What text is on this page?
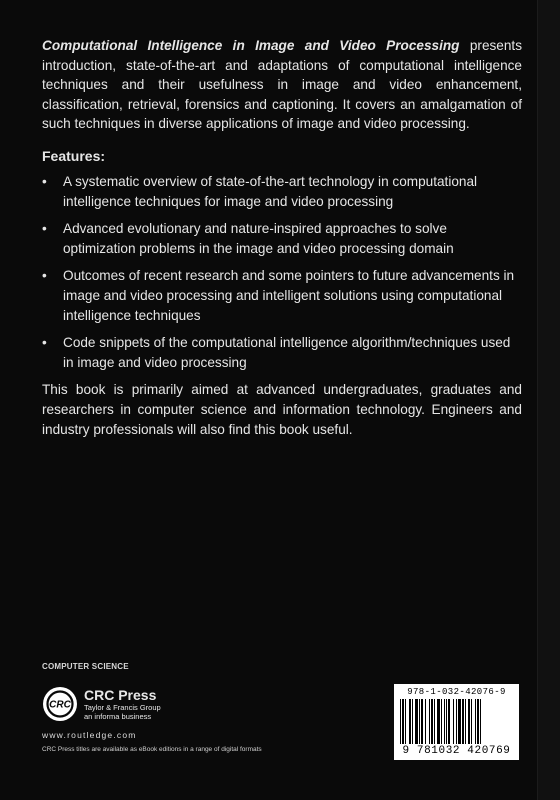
Computational Intelligence in Image and Video Processing presents introduction, state-of-the-art and adaptations of computational intelligence techniques and their usefulness in image and video enhancement, classification, retrieval, forensics and captioning. It covers an amalgamation of such techniques in diverse applications of image and video processing.

Features:
• A systematic overview of state-of-the-art technology in computational intelligence techniques for image and video processing
• Advanced evolutionary and nature-inspired approaches to solve optimization problems in the image and video processing domain
• Outcomes of recent research and some pointers to future advancements in image and video processing and intelligent solutions using computational intelligence techniques
• Code snippets of the computational intelligence algorithm/techniques used in image and video processing

This book is primarily aimed at advanced undergraduates, graduates and researchers in computer science and information technology. Engineers and industry professionals will also find this book useful.

COMPUTER SCIENCE
CRC
CRC Press
Taylor & Francis Group
an informa business
www.routledge.com
CRC Press titles are available as eBook editions in a range of digital formats
978-1-032-42076-9
9 781032 420769
